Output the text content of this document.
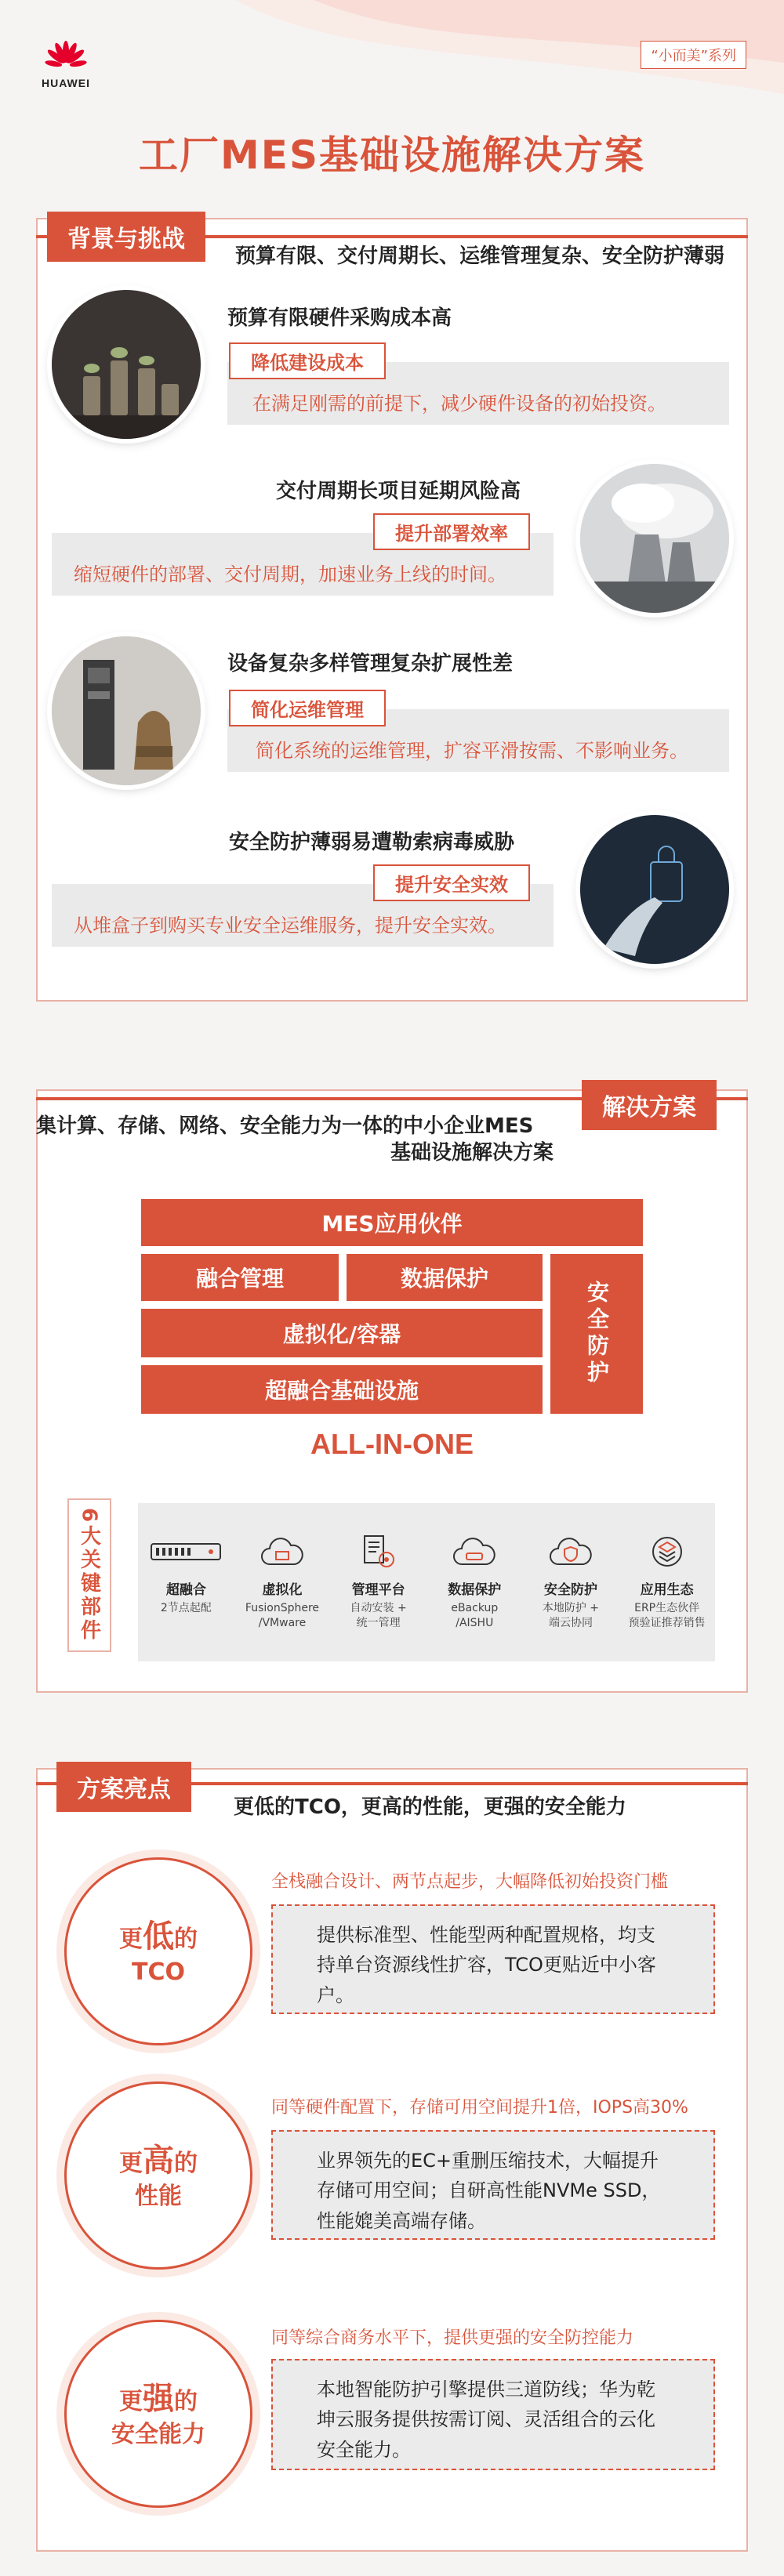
HUAWEI
“小而美”系列
工厂MES基础设施解决方案
背景与挑战
预算有限、交付周期长、运维管理复杂、安全防护薄弱
预算有限硬件采购成本高
在满足刚需的前提下，减少硬件设备的初始投资。
降低建设成本
交付周期长项目延期风险高
缩短硬件的部署、交付周期，加速业务上线的时间。
提升部署效率
设备复杂多样管理复杂扩展性差
简化系统的运维管理，扩容平滑按需、不影响业务。
简化运维管理
安全防护薄弱易遭勒索病毒威胁
从堆盒子到购买专业安全运维服务，提升安全实效。
提升安全实效
解决方案
集计算、存储、网络、安全能力为一体的中小企业MES
基础设施解决方案
MES应用伙伴
融合管理	数据保护
虚拟化/容器
超融合基础设施
安全防护
ALL-IN-ONE
6大关键部件	超融合
2节点起配
虚拟化
FusionSphere
/VMware
管理平台
自动安装 +
统一管理
数据保护
eBackup
/AISHU
安全防护
本地防护 +
端云协同
应用生态
ERP生态伙伴
预验证推荐销售
方案亮点
更低的TCO，更高的性能，更强的安全能力
更低的
TCO
全栈融合设计、两节点起步，大幅降低初始投资门槛
提供标准型、性能型两种配置规格，均支持单台资源线性扩容，TCO更贴近中小客户。
更高的
性能
同等硬件配置下，存储可用空间提升1倍，IOPS高30%
业界领先的EC+重删压缩技术，大幅提升存储可用空间；自研高性能NVMe SSD，性能媲美高端存储。
更强的
安全能力
同等综合商务水平下，提供更强的安全防控能力
本地智能防护引擎提供三道防线；华为乾坤云服务提供按需订阅、灵活组合的云化安全能力。
